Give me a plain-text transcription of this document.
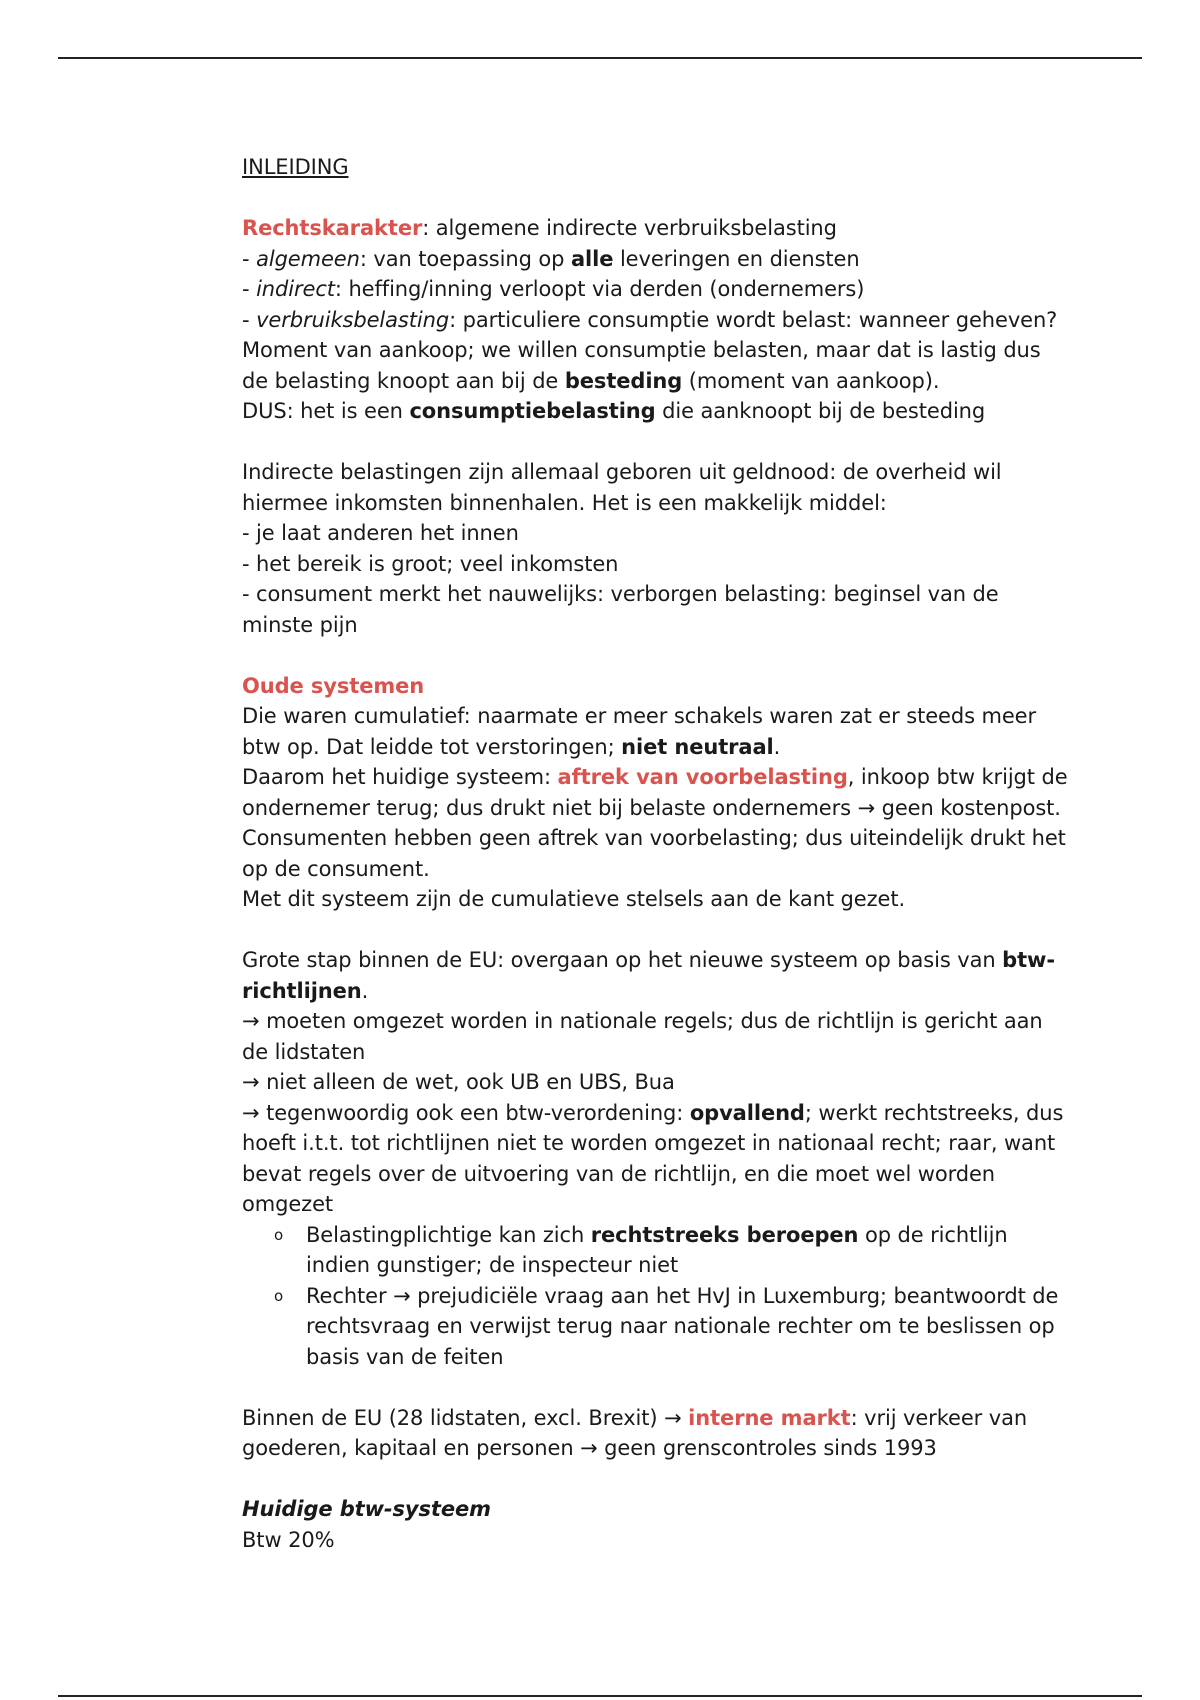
INLEIDING

Rechtskarakter: algemene indirecte verbruiksbelasting

- algemeen: van toepassing op alle leveringen en diensten

- indirect: heffing/inning verloopt via derden (ondernemers)

- verbruiksbelasting: particuliere consumptie wordt belast: wanneer geheven? Moment van aankoop; we willen consumptie belasten, maar dat is lastig dus de belasting knoopt aan bij de besteding (moment van aankoop).

DUS: het is een consumptiebelasting die aanknoopt bij de besteding

Indirecte belastingen zijn allemaal geboren uit geldnood: de overheid wil hiermee inkomsten binnenhalen. Het is een makkelijk middel:

- je laat anderen het innen

- het bereik is groot; veel inkomsten

- consument merkt het nauwelijks: verborgen belasting: beginsel van de minste pijn

Oude systemen

Die waren cumulatief: naarmate er meer schakels waren zat er steeds meer btw op. Dat leidde tot verstoringen; niet neutraal.

Daarom het huidige systeem: aftrek van voorbelasting, inkoop btw krijgt de ondernemer terug; dus drukt niet bij belaste ondernemers → geen kostenpost. Consumenten hebben geen aftrek van voorbelasting; dus uiteindelijk drukt het op de consument.

Met dit systeem zijn de cumulatieve stelsels aan de kant gezet.

Grote stap binnen de EU: overgaan op het nieuwe systeem op basis van btw-richtlijnen.

→ moeten omgezet worden in nationale regels; dus de richtlijn is gericht aan de lidstaten

→ niet alleen de wet, ook UB en UBS, Bua

→ tegenwoordig ook een btw-verordening: opvallend; werkt rechtstreeks, dus hoeft i.t.t. tot richtlijnen niet te worden omgezet in nationaal recht; raar, want bevat regels over de uitvoering van de richtlijn, en die moet wel worden omgezet

o Belastingplichtige kan zich rechtstreeks beroepen op de richtlijn indien gunstiger; de inspecteur niet
o Rechter → prejudiciële vraag aan het HvJ in Luxemburg; beantwoordt de rechtsvraag en verwijst terug naar nationale rechter om te beslissen op basis van de feiten

Binnen de EU (28 lidstaten, excl. Brexit) → interne markt: vrij verkeer van goederen, kapitaal en personen → geen grenscontroles sinds 1993

Huidige btw-systeem

Btw 20%
